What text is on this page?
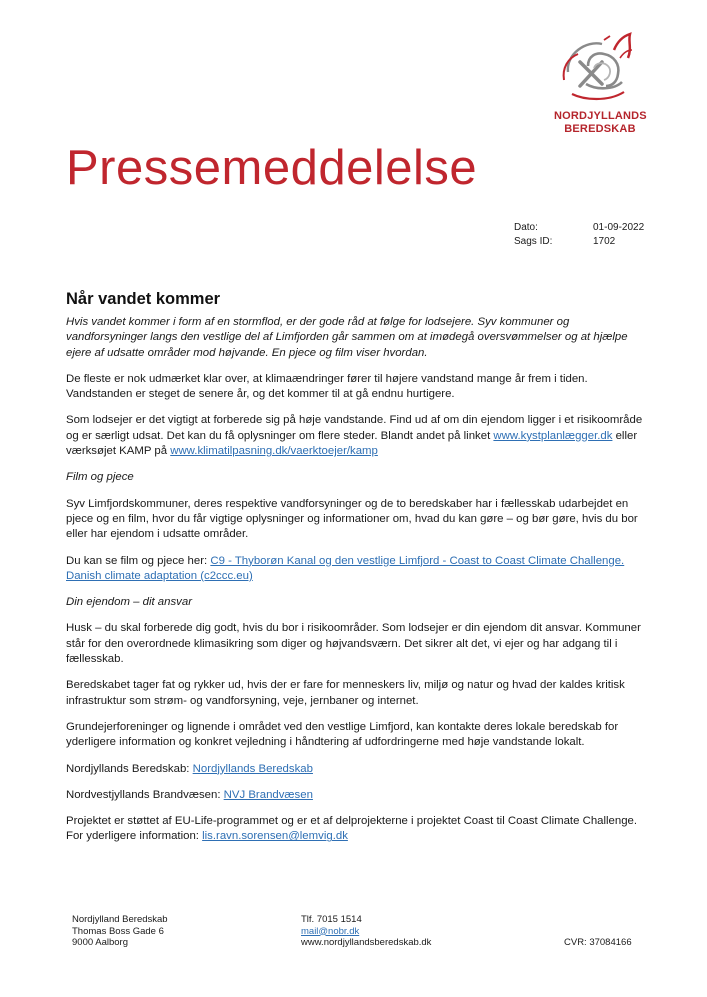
NORDJYLLANDS
BEREDSKAB
Pressemeddelelse
Dato:	01-09-2022
Sags ID:	1702
Når vandet kommer

Hvis vandet kommer i form af en stormflod, er der gode råd at følge for lodsejere. Syv kommuner og vandforsyninger langs den vestlige del af Limfjorden går sammen om at imødegå oversvømmelser og at hjælpe ejere af udsatte områder mod højvande. En pjece og film viser hvordan.

De fleste er nok udmærket klar over, at klimaændringer fører til højere vandstand mange år frem i tiden. Vandstanden er steget de senere år, og det kommer til at gå endnu hurtigere.

Som lodsejer er det vigtigt at forberede sig på høje vandstande. Find ud af om din ejendom ligger i et risikoområde og er særligt udsat. Det kan du få oplysninger om flere steder. Blandt andet på linket www.kystplanlægger.dk eller værksøjet KAMP på www.klimatilpasning.dk/vaerktoejer/kamp

Film og pjece

Syv Limfjordskommuner, deres respektive vandforsyninger og de to beredskaber har i fællesskab udarbejdet en pjece og en film, hvor du får vigtige oplysninger og informationer om, hvad du kan gøre – og bør gøre, hvis du bor eller har ejendom i udsatte områder.

Du kan se film og pjece her: C9 - Thyborøn Kanal og den vestlige Limfjord - Coast to Coast Climate Challenge. Danish climate adaptation (c2ccc.eu)

Din ejendom – dit ansvar

Husk – du skal forberede dig godt, hvis du bor i risikoområder. Som lodsejer er din ejendom dit ansvar. Kommuner står for den overordnede klimasikring som diger og højvandsværn. Det sikrer alt det, vi ejer og har adgang til i fællesskab.

Beredskabet tager fat og rykker ud, hvis der er fare for menneskers liv, miljø og natur og hvad der kaldes kritisk infrastruktur som strøm- og vandforsyning, veje, jernbaner og internet.

Grundejerforeninger og lignende i området ved den vestlige Limfjord, kan kontakte deres lokale beredskab for yderligere information og konkret vejledning i håndtering af udfordringerne med høje vandstande lokalt.

Nordjyllands Beredskab: Nordjyllands Beredskab

Nordvestjyllands Brandvæsen: NVJ Brandvæsen

Projektet er støttet af EU-Life-programmet og er et af delprojekterne i projektet Coast til Coast Climate Challenge. For yderligere information: lis.ravn.sorensen@lemvig.dk

Nordjylland Beredskab
Thomas Boss Gade 6
9000 Aalborg
Tlf. 7015 1514
mail@nobr.dk
www.nordjyllandsberedskab.dk	CVR: 37084166
